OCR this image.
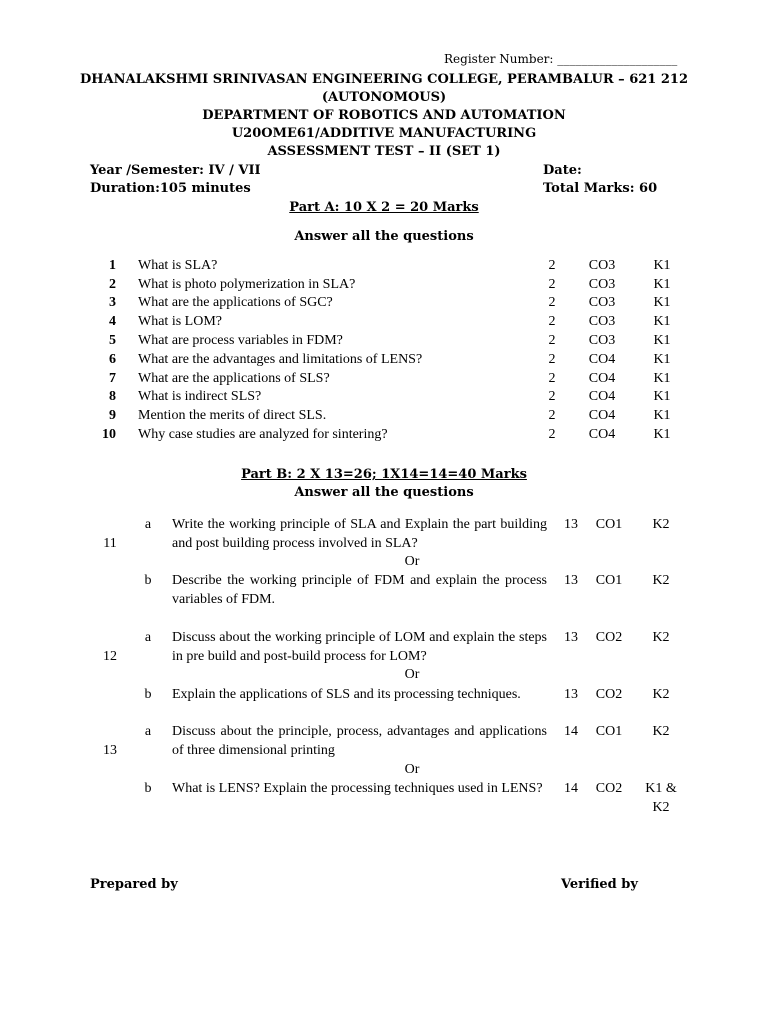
Register Number: ____________________
DHANALAKSHMI SRINIVASAN ENGINEERING COLLEGE, PERAMBALUR – 621 212
(AUTONOMOUS)
DEPARTMENT OF ROBOTICS AND AUTOMATION
U20OME61/ADDITIVE MANUFACTURING
ASSESSMENT TEST – II (SET 1)
Year /Semester: IV / VII	Date:
Duration:105 minutes	Total Marks: 60
Part A: 10 X 2 = 20 Marks
Answer all the questions
1 What is SLA?	2	CO3	K1
2 What is photo polymerization in SLA?	2	CO3	K1
3 What are the applications of SGC?	2	CO3	K1
4 What is LOM?	2	CO3	K1
5 What are process variables in FDM?	2	CO3	K1
6 What are the advantages and limitations of LENS?	2	CO4	K1
7 What are the applications of SLS?	2	CO4	K1
8 What is indirect SLS?	2	CO4	K1
9 Mention the merits of direct SLS.	2	CO4	K1
10 Why case studies are analyzed for sintering?	2	CO4	K1
Part B: 2 X 13=26; 1X14=14=40 Marks
Answer all the questions
11
a	Write the working principle of SLA and Explain the part building and post building process involved in SLA?
13	CO1	K2
Or
b	Describe the working principle of FDM and explain the process variables of FDM.
13	CO1	K2
12
a	Discuss about the working principle of LOM and explain the steps in pre build and post-build process for LOM?
13	CO2	K2
Or
b	Explain the applications of SLS and its processing techniques.	13	CO2	K2
13
a	Discuss about the principle, process, advantages and applications of three dimensional printing
14	CO1	K2
Or
b	What is LENS? Explain the processing techniques used in LENS?	14	CO2	K1 & K2
Prepared by	Verified by
